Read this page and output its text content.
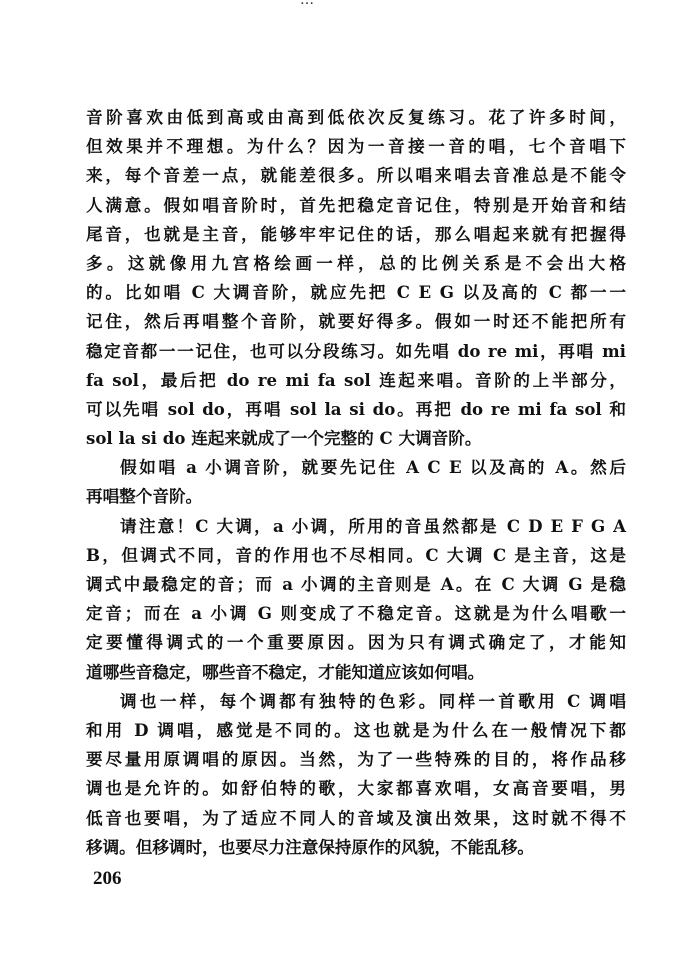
…
音阶喜欢由低到高或由高到低依次反复练习。花了许多时间，
但效果并不理想。为什么？因为一音接一音的唱，七个音唱下
来，每个音差一点，就能差很多。所以唱来唱去音准总是不能令
人满意。假如唱音阶时，首先把稳定音记住，特别是开始音和结
尾音，也就是主音，能够牢牢记住的话，那么唱起来就有把握得
多。这就像用九宫格绘画一样，总的比例关系是不会出大格
的。比如唱 C 大调音阶，就应先把 C E G 以及高的 C 都一一
记住，然后再唱整个音阶，就要好得多。假如一时还不能把所有
稳定音都一一记住，也可以分段练习。如先唱 do re mi，再唱 mi
fa sol，最后把 do re mi fa sol 连起来唱。音阶的上半部分，
可以先唱 sol do，再唱 sol la si do。再把 do re mi fa sol 和
sol la si do 连起来就成了一个完整的 C 大调音阶。
假如唱 a 小调音阶，就要先记住 A C E 以及高的 A。然后
再唱整个音阶。
请注意！C 大调，a 小调，所用的音虽然都是 C D E F G A
B，但调式不同，音的作用也不尽相同。C 大调 C 是主音，这是
调式中最稳定的音；而 a 小调的主音则是 A。在 C 大调 G 是稳
定音；而在 a 小调 G 则变成了不稳定音。这就是为什么唱歌一
定要懂得调式的一个重要原因。因为只有调式确定了，才能知
道哪些音稳定，哪些音不稳定，才能知道应该如何唱。
调也一样，每个调都有独特的色彩。同样一首歌用 C 调唱
和用 D 调唱，感觉是不同的。这也就是为什么在一般情况下都
要尽量用原调唱的原因。当然，为了一些特殊的目的，将作品移
调也是允许的。如舒伯特的歌，大家都喜欢唱，女高音要唱，男
低音也要唱，为了适应不同人的音域及演出效果，这时就不得不
移调。但移调时，也要尽力注意保持原作的风貌，不能乱移。
206
